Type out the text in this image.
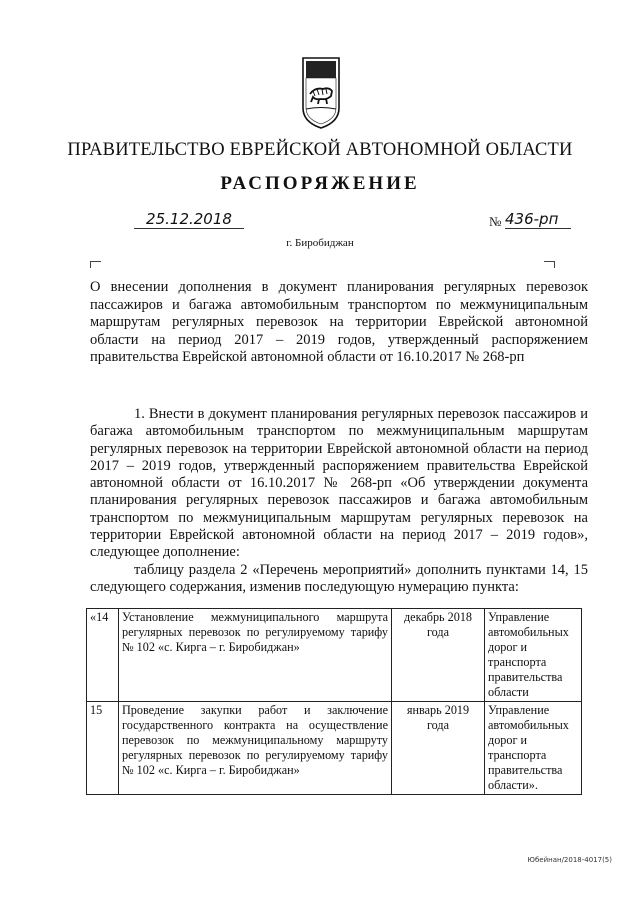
ПРАВИТЕЛЬСТВО ЕВРЕЙСКОЙ АВТОНОМНОЙ ОБЛАСТИ
РАСПОРЯЖЕНИЕ
25.12.2018	№ 436-рп
г. Биробиджан
О внесении дополнения в документ планирования регулярных перевозок пассажиров и багажа автомобильным транспортом по межмуниципальным маршрутам регулярных перевозок на территории Еврейской автономной области на период 2017 – 2019 годов, утвержденный распоряжением правительства Еврейской автономной области от 16.10.2017 № 268-рп

1. Внести в документ планирования регулярных перевозок пассажиров и багажа автомобильным транспортом по межмуниципальным маршрутам регулярных перевозок на территории Еврейской автономной области на период 2017 – 2019 годов, утвержденный распоряжением правительства Еврейской автономной области от 16.10.2017 № 268-рп «Об утверждении документа планирования регулярных перевозок пассажиров и багажа автомобильным транспортом по межмуниципальным маршрутам регулярных перевозок на территории Еврейской автономной области на период 2017 – 2019 годов», следующее дополнение:

таблицу раздела 2 «Перечень мероприятий» дополнить пунктами 14, 15 следующего содержания, изменив последующую нумерацию пункта:

«14	Установление межмуниципального маршрута регулярных перевозок по регулируемому тарифу № 102 «с. Кирга – г. Биробиджан»	декабрь 2018 года	Управление автомобильных дорог и транспорта правительства области
15	Проведение закупки работ и заключение государственного контракта на осуществление перевозок по межмуниципальному маршруту регулярных перевозок по регулируемому тарифу № 102 «с. Кирга – г. Биробиджан»	январь 2019 года	Управление автомобильных дорог и транспорта правительства области».
Юбейнан/2018-4017(5)
